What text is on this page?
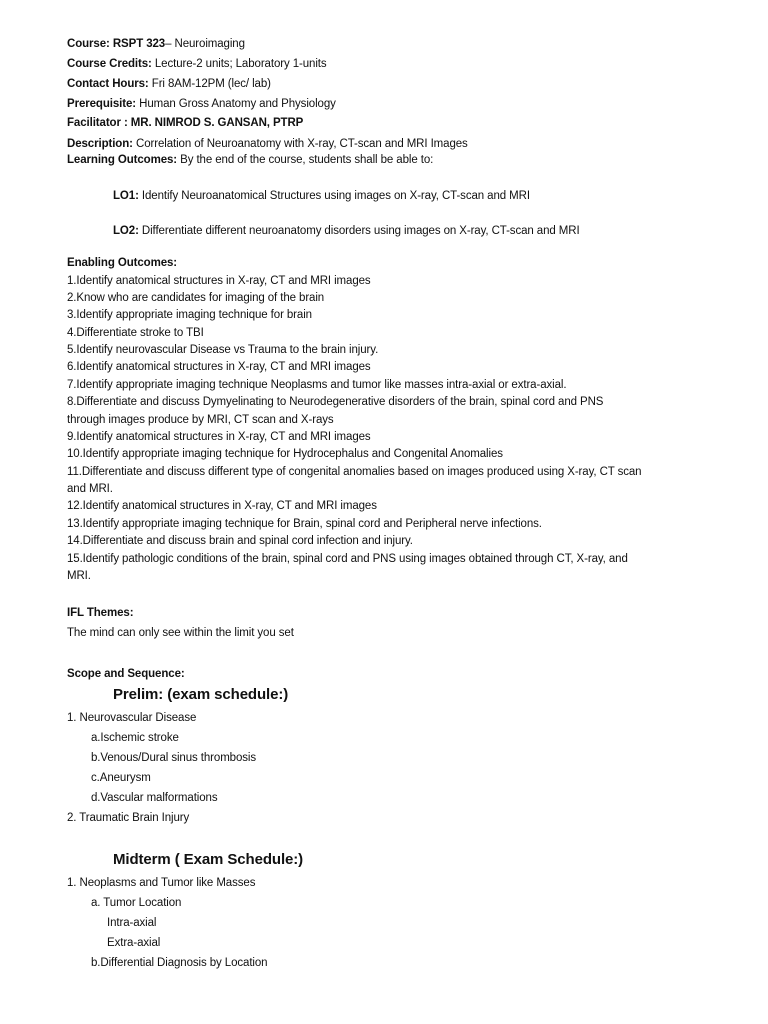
Course: RSPT 323– Neuroimaging
Course Credits: Lecture-2 units; Laboratory 1-units
Contact Hours: Fri 8AM-12PM (lec/ lab)
Prerequisite: Human Gross Anatomy and Physiology
Facilitator : MR. NIMROD S. GANSAN, PTRP
Description: Correlation of Neuroanatomy with X-ray, CT-scan and MRI Images
Learning Outcomes: By the end of the course, students shall be able to:
LO1: Identify Neuroanatomical Structures using images on X-ray, CT-scan and MRI
LO2: Differentiate different neuroanatomy disorders using images on X-ray, CT-scan and MRI
Enabling Outcomes:
1.Identify anatomical structures in X-ray, CT and MRI images
2.Know who are candidates for imaging of the brain
3.Identify appropriate imaging technique for brain
4.Differentiate stroke to TBI
5.Identify neurovascular Disease vs Trauma to the brain injury.
6.Identify anatomical structures in X-ray, CT and MRI images
7.Identify appropriate imaging technique Neoplasms and tumor like masses intra-axial or extra-axial.
8.Differentiate and discuss Dymyelinating to Neurodegenerative disorders of the brain, spinal cord and PNS
through images produce by MRI, CT scan and X-rays
9.Identify anatomical structures in X-ray, CT and MRI images
10.Identify appropriate imaging technique for Hydrocephalus and Congenital Anomalies
11.Differentiate and discuss different type of congenital anomalies based on images produced using X-ray, CT scan
and MRI.
12.Identify anatomical structures in X-ray, CT and MRI images
13.Identify appropriate imaging technique for Brain, spinal cord and Peripheral nerve infections.
14.Differentiate and discuss brain and spinal cord infection and injury.
15.Identify pathologic conditions of the brain, spinal cord and PNS using images obtained through CT, X-ray, and
MRI.
IFL Themes:
The mind can only see within the limit you set
Scope and Sequence:
Prelim: (exam schedule:)
1. Neurovascular Disease
a.Ischemic stroke
b.Venous/Dural sinus thrombosis
c.Aneurysm
d.Vascular malformations
2. Traumatic Brain Injury
Midterm ( Exam Schedule:)
1. Neoplasms and Tumor like Masses
a. Tumor Location
Intra-axial
Extra-axial
b.Differential Diagnosis by Location
